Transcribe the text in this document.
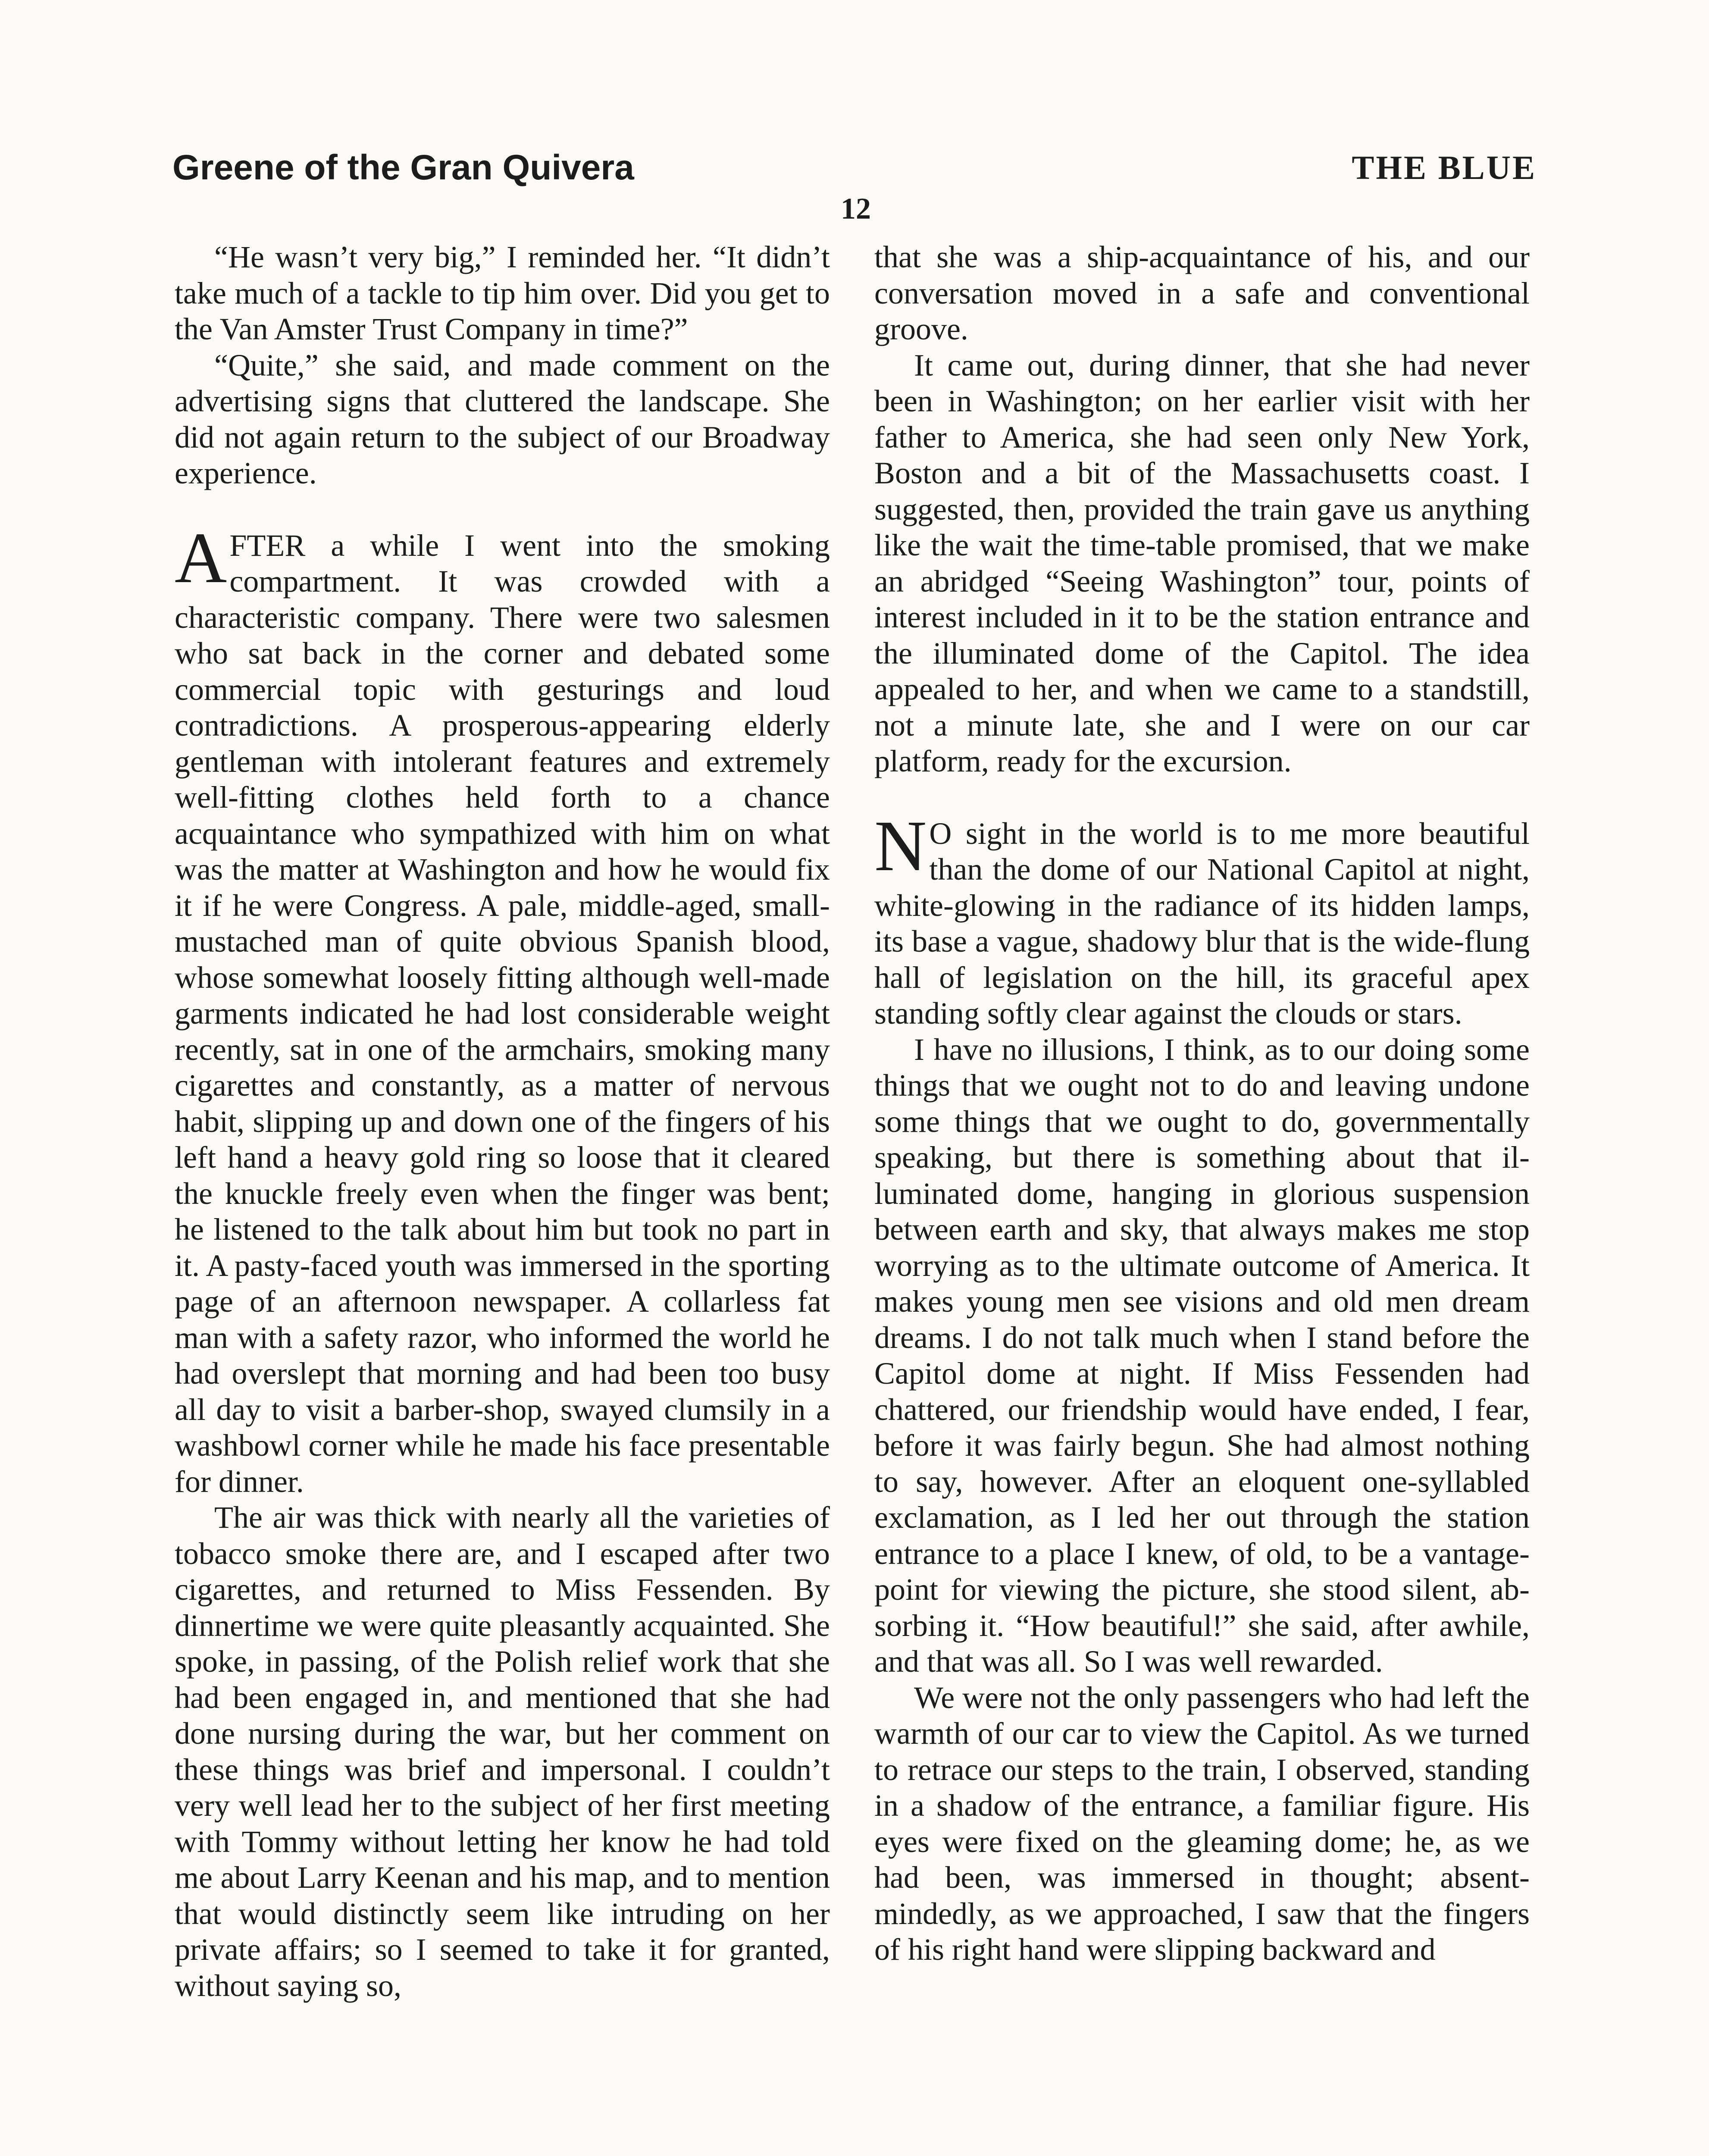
Greene of the Gran Quivera	THE BLUE
12

“He wasn’t very big,” I reminded her. “It didn’t take much of a tackle to tip him over. Did you get to the Van Amster Trust Company in time?”

“Quite,” she said, and made comment on the advertising signs that cluttered the landscape. She did not again return to the subject of our Broadway experience.

AFTER a while I went into the smoking compartment. It was crowded with a characteristic company. There were two salesmen who sat back in the corner and debated some commercial topic with gesturings and loud contradictions. A prosperous-appearing elderly gentleman with intolerant features and extremely well-fitting clothes held forth to a chance acquaintance who sympathized with him on what was the matter at Washington and how he would fix it if he were Congress. A pale, middle-aged, small-mustached man of quite obvious Spanish blood, whose somewhat loosely fitting although well-made garments indicated he had lost considerable weight recently, sat in one of the armchairs, smoking many cigarettes and constantly, as a matter of nervous habit, slipping up and down one of the fingers of his left hand a heavy gold ring so loose that it cleared the knuckle freely even when the finger was bent; he listened to the talk about him but took no part in it. A pasty-faced youth was immersed in the sporting page of an afternoon newspaper. A collarless fat man with a safety razor, who informed the world he had overslept that morning and had been too busy all day to visit a barber-shop, swayed clumsily in a washbowl corner while he made his face presentable for dinner.

The air was thick with nearly all the varieties of tobacco smoke there are, and I escaped after two cigarettes, and returned to Miss Fessenden. By dinnertime we were quite pleasantly acquainted. She spoke, in passing, of the Polish relief work that she had been engaged in, and mentioned that she had done nursing during the war, but her comment on these things was brief and impersonal. I couldn’t very well lead her to the subject of her first meeting with Tommy without letting her know he had told me about Larry Keenan and his map, and to mention that would distinctly seem like intruding on her private affairs; so I seemed to take it for granted, without saying so,

that she was a ship-acquaintance of his, and our conversation moved in a safe and conventional groove.

It came out, during dinner, that she had never been in Washington; on her earlier visit with her father to America, she had seen only New York, Boston and a bit of the Massachusetts coast. I suggested, then, provided the train gave us anything like the wait the time-table promised, that we make an abridged “Seeing Washington” tour, points of interest included in it to be the station entrance and the illuminated dome of the Capitol. The idea appealed to her, and when we came to a standstill, not a minute late, she and I were on our car platform, ready for the excursion.

N O sight in the world is to me more beautiful than the dome of our National Capitol at night, white-glowing in the radiance of its hidden lamps, its base a vague, shadowy blur that is the wide-flung hall of legislation on the hill, its graceful apex standing softly clear against the clouds or stars.

I have no illusions, I think, as to our doing some things that we ought not to do and leaving undone some things that we ought to do, governmentally speaking, but there is something about that illuminated dome, hanging in glorious suspension between earth and sky, that always makes me stop worrying as to the ultimate outcome of America. It makes young men see visions and old men dream dreams. I do not talk much when I stand before the Capitol dome at night. If Miss Fessenden had chattered, our friendship would have ended, I fear, before it was fairly begun. She had almost nothing to say, however. After an eloquent one-syllabled exclamation, as I led her out through the station entrance to a place I knew, of old, to be a vantage-point for viewing the picture, she stood silent, absorbing it. “How beautiful!” she said, after awhile, and that was all. So I was well rewarded.

We were not the only passengers who had left the warmth of our car to view the Capitol. As we turned to retrace our steps to the train, I observed, standing in a shadow of the entrance, a familiar figure. His eyes were fixed on the gleaming dome; he, as we had been, was immersed in thought; absent-mindedly, as we approached, I saw that the fingers of his right hand were slipping backward and
